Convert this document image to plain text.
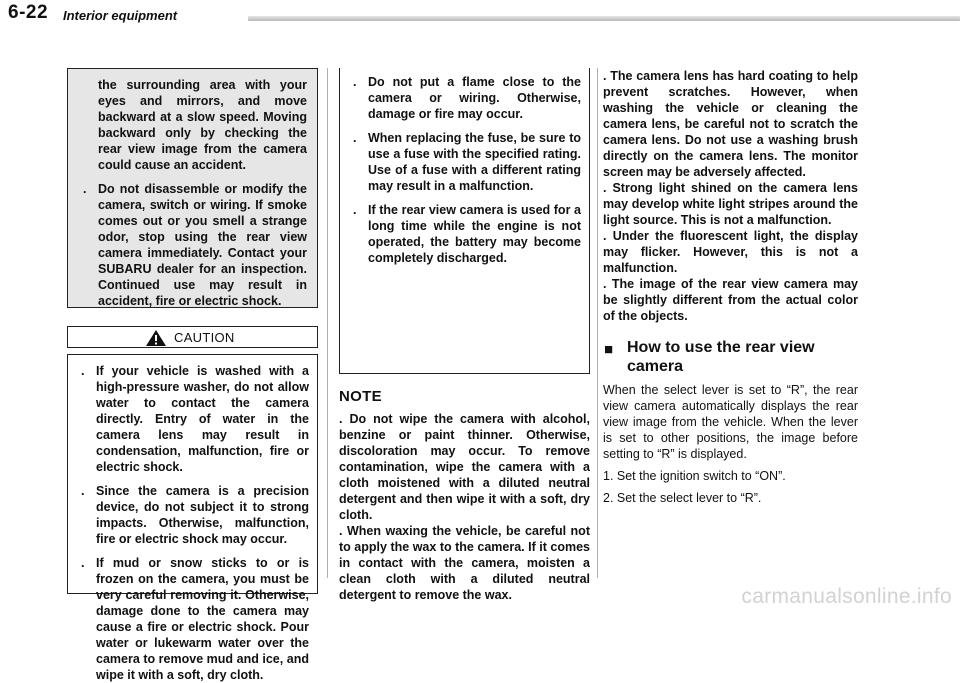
6-22 Interior equipment

the surrounding area with your eyes and mirrors, and move backward at a slow speed. Moving backward only by checking the rear view image from the camera could cause an accident.

. Do not disassemble or modify the camera, switch or wiring. If smoke comes out or you smell a strange odor, stop using the rear view camera immediately. Contact your SUBARU dealer for an inspection. Continued use may result in accident, fire or electric shock.
CAUTION
. If your vehicle is washed with a high-pressure washer, do not allow water to contact the camera directly. Entry of water in the camera lens may result in condensation, malfunction, fire or electric shock.
. Since the camera is a precision device, do not subject it to strong impacts. Otherwise, malfunction, fire or electric shock may occur.
. If mud or snow sticks to or is frozen on the camera, you must be very careful removing it. Otherwise, damage done to the camera may cause a fire or electric shock. Pour water or lukewarm water over the camera to remove mud and ice, and wipe it with a soft, dry cloth.
. Do not put a flame close to the camera or wiring. Otherwise, damage or fire may occur.
. When replacing the fuse, be sure to use a fuse with the specified rating. Use of a fuse with a different rating may result in a malfunction.
. If the rear view camera is used for a long time while the engine is not operated, the battery may become completely discharged.
NOTE

. Do not wipe the camera with alcohol, benzine or paint thinner. Otherwise, discoloration may occur. To remove contamination, wipe the camera with a cloth moistened with a diluted neutral detergent and then wipe it with a soft, dry cloth.

. When waxing the vehicle, be careful not to apply the wax to the camera. If it comes in contact with the camera, moisten a clean cloth with a diluted neutral detergent to remove the wax.

. The camera lens has hard coating to help prevent scratches. However, when washing the vehicle or cleaning the camera lens, be careful not to scratch the camera lens. Do not use a washing brush directly on the camera lens. The monitor screen may be adversely affected.

. Strong light shined on the camera lens may develop white light stripes around the light source. This is not a malfunction.

. Under the fluorescent light, the display may flicker. However, this is not a malfunction.

. The image of the rear view camera may be slightly different from the actual color of the objects.

■ How to use the rear view camera

When the select lever is set to “R”, the rear view camera automatically displays the rear view image from the vehicle. When the lever is set to other positions, the image before setting to “R” is displayed.

1. Set the ignition switch to “ON”.

2. Set the select lever to “R”.

carmanualsonline.info
